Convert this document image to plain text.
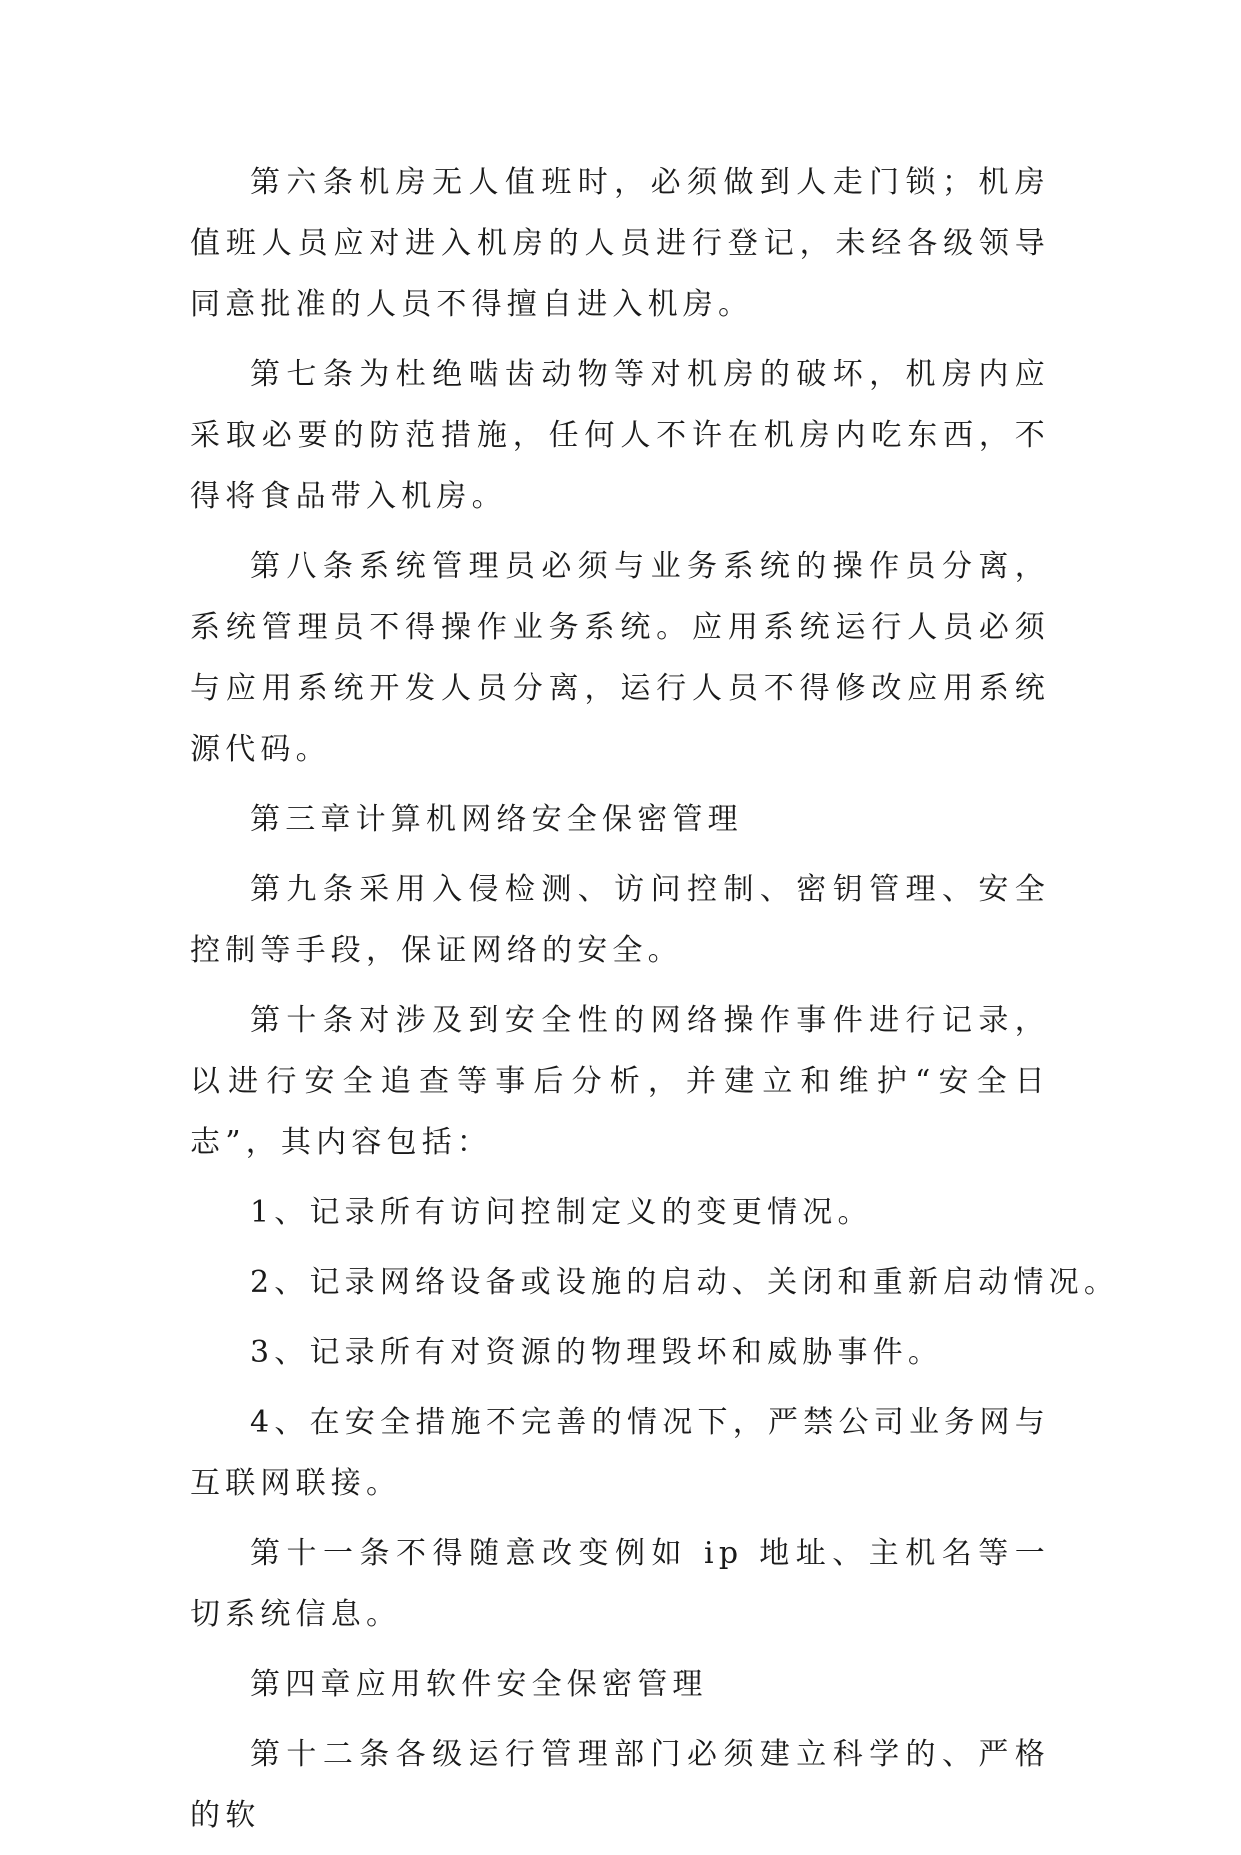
第六条机房无人值班时，必须做到人走门锁；机房值班人员应对进入机房的人员进行登记，未经各级领导同意批准的人员不得擅自进入机房。

第七条为杜绝啮齿动物等对机房的破坏，机房内应采取必要的防范措施，任何人不许在机房内吃东西，不得将食品带入机房。

第八条系统管理员必须与业务系统的操作员分离，系统管理员不得操作业务系统。应用系统运行人员必须与应用系统开发人员分离，运行人员不得修改应用系统源代码。

第三章计算机网络安全保密管理

第九条采用入侵检测、访问控制、密钥管理、安全控制等手段，保证网络的安全。

第十条对涉及到安全性的网络操作事件进行记录，以进行安全追查等事后分析，并建立和维护“安全日志”，其内容包括：

1、记录所有访问控制定义的变更情况。

2、记录网络设备或设施的启动、关闭和重新启动情况。

3、记录所有对资源的物理毁坏和威胁事件。

4、在安全措施不完善的情况下，严禁公司业务网与互联网联接。

第十一条不得随意改变例如 ip 地址、主机名等一切系统信息。

第四章应用软件安全保密管理

第十二条各级运行管理部门必须建立科学的、严格的软
